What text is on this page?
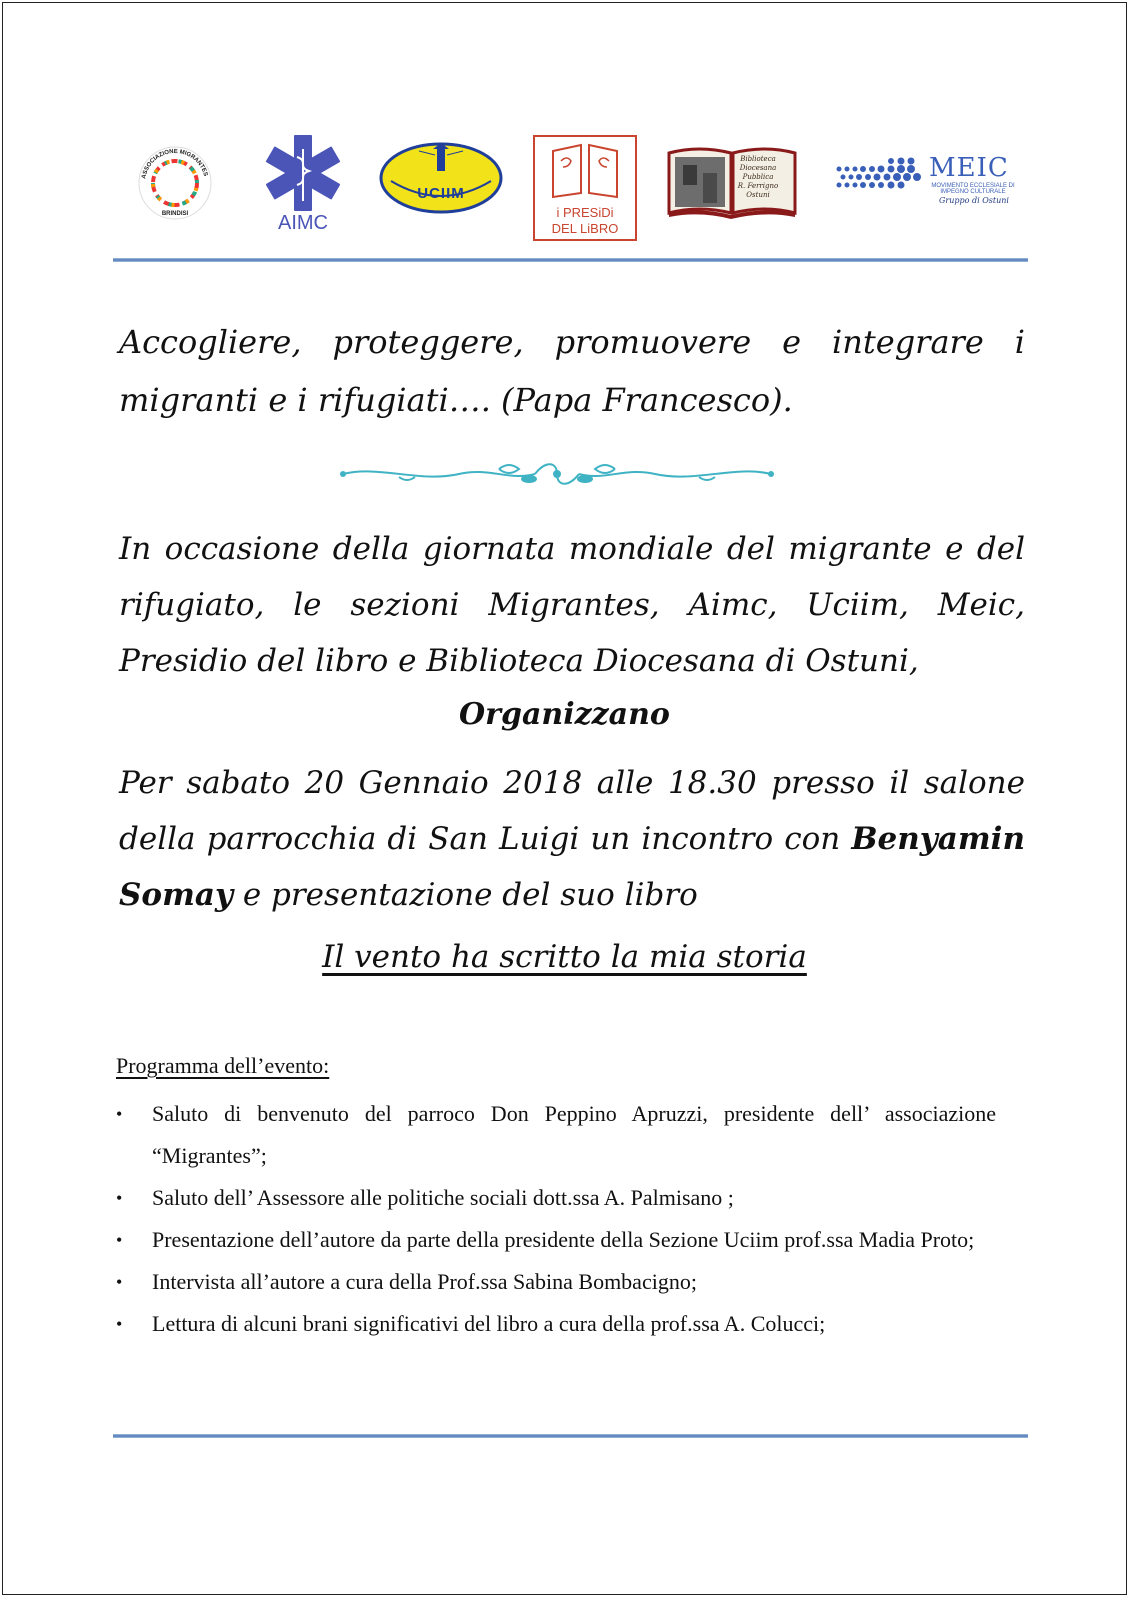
ASSOCIAZIONE MIGRANTES
BRINDISI	AIMC
UCIIM
i PRESiDi
DEL LiBRO
Biblioteca
Diocesana
Pubblica
R. Ferrigno
Ostuni
MEIC
MOVIMENTO ECCLESIALE DI IMPEGNO CULTURALE
Gruppo di Ostuni
Accogliere, proteggere, promuovere e integrare i migranti e i rifugiati…. (Papa Francesco).
In occasione della giornata mondiale del migrante e del rifugiato, le sezioni Migrantes, Aimc, Uciim, Meic, Presidio del libro e Biblioteca Diocesana di Ostuni,
Organizzano
Per sabato 20 Gennaio 2018 alle 18.30 presso il salone della parrocchia di San Luigi un incontro con Benyamin Somay e presentazione del suo libro
Il vento ha scritto la mia storia
Programma dell’evento:
• Saluto di benvenuto del parroco Don Peppino Apruzzi, presidente dell’ associazione “Migrantes”;
• Saluto dell’ Assessore alle politiche sociali dott.ssa A. Palmisano ;
• Presentazione dell’autore da parte della presidente della Sezione Uciim prof.ssa Madia Proto;
• Intervista all’autore a cura della Prof.ssa Sabina Bombacigno;
• Lettura di alcuni brani significativi del libro a cura della prof.ssa A. Colucci;
